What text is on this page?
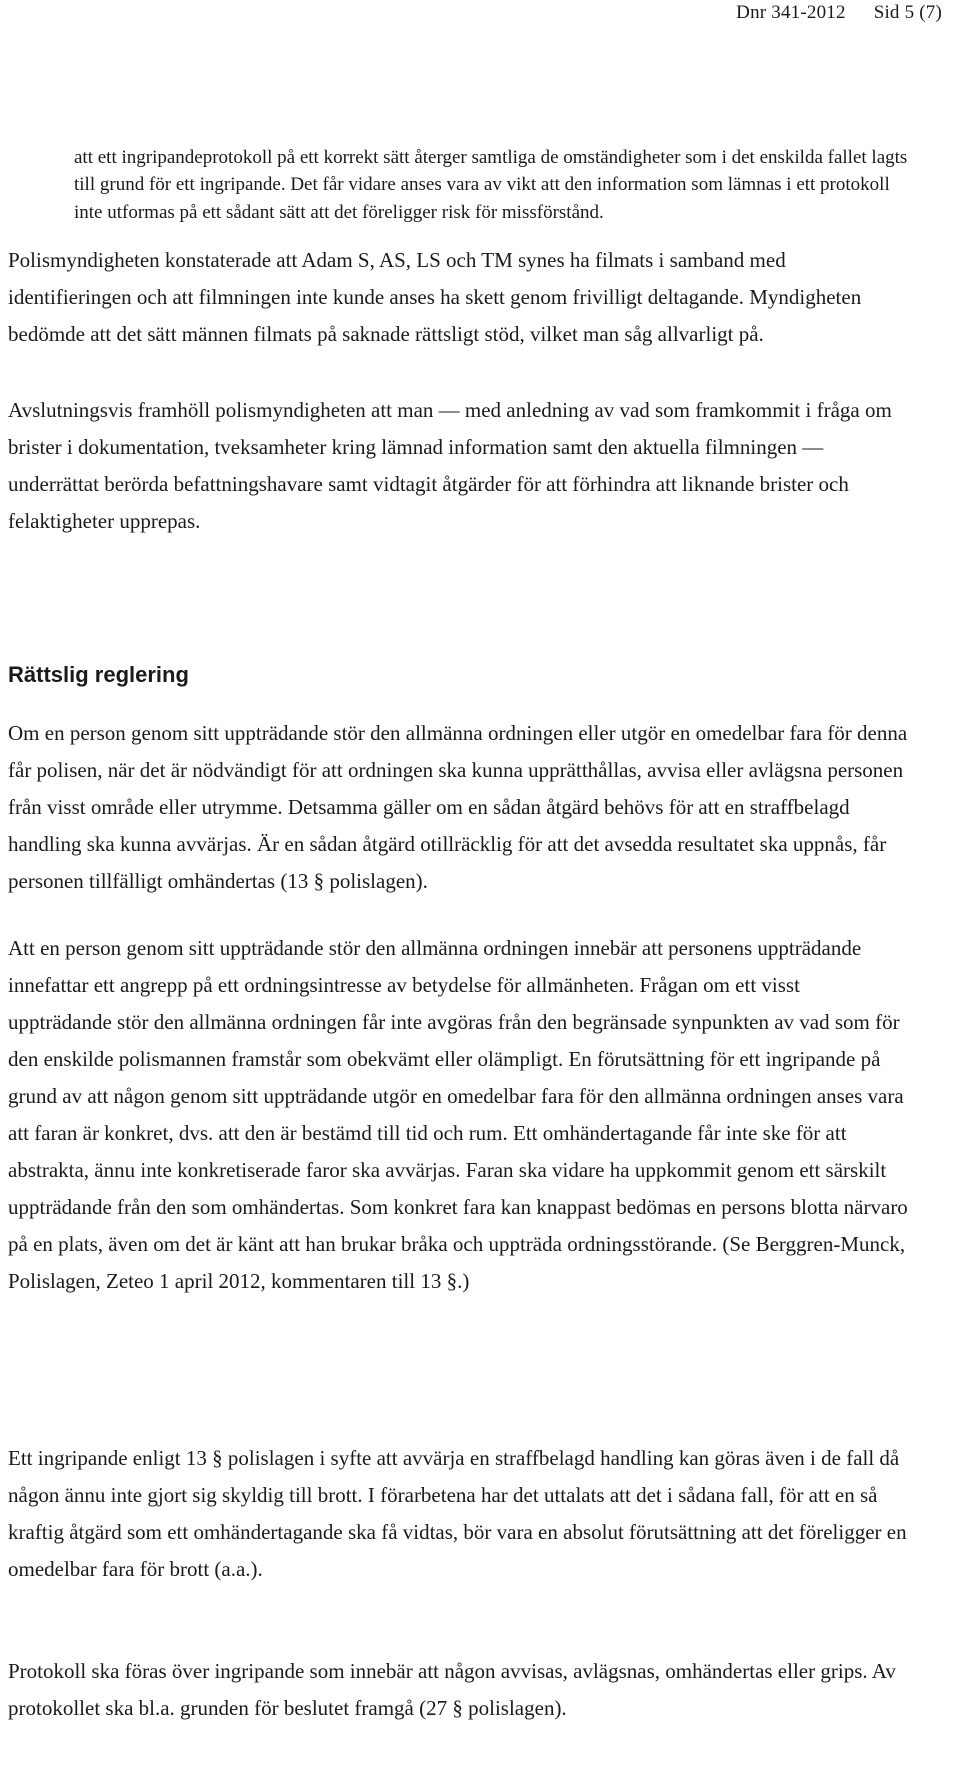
Dnr 341-2012 Sid 5 (7)

att ett ingripandeprotokoll på ett korrekt sätt återger samtliga de omständigheter som i det enskilda fallet lagts till grund för ett ingripande. Det får vidare anses vara av vikt att den information som lämnas i ett protokoll inte utformas på ett sådant sätt att det föreligger risk för missförstånd.

Polismyndigheten konstaterade att Adam S, AS, LS och TM synes ha filmats i samband med identifieringen och att filmningen inte kunde anses ha skett genom frivilligt deltagande. Myndigheten bedömde att det sätt männen filmats på saknade rättsligt stöd, vilket man såg allvarligt på.

Avslutningsvis framhöll polismyndigheten att man — med anledning av vad som framkommit i fråga om brister i dokumentation, tveksamheter kring lämnad information samt den aktuella filmningen — underrättat berörda befattningshavare samt vidtagit åtgärder för att förhindra att liknande brister och felaktigheter upprepas.

Rättslig reglering

Om en person genom sitt uppträdande stör den allmänna ordningen eller utgör en omedelbar fara för denna får polisen, när det är nödvändigt för att ordningen ska kunna upprätthållas, avvisa eller avlägsna personen från visst område eller utrymme. Detsamma gäller om en sådan åtgärd behövs för att en straffbelagd handling ska kunna avvärjas. Är en sådan åtgärd otillräcklig för att det avsedda resultatet ska uppnås, får personen tillfälligt omhändertas (13 § polislagen).

Att en person genom sitt uppträdande stör den allmänna ordningen innebär att personens uppträdande innefattar ett angrepp på ett ordningsintresse av betydelse för allmänheten. Frågan om ett visst uppträdande stör den allmänna ordningen får inte avgöras från den begränsade synpunkten av vad som för den enskilde polismannen framstår som obekvämt eller olämpligt. En förutsättning för ett ingripande på grund av att någon genom sitt uppträdande utgör en omedelbar fara för den allmänna ordningen anses vara att faran är konkret, dvs. att den är bestämd till tid och rum. Ett omhändertagande får inte ske för att abstrakta, ännu inte konkretiserade faror ska avvärjas. Faran ska vidare ha uppkommit genom ett särskilt uppträdande från den som omhändertas. Som konkret fara kan knappast bedömas en persons blotta närvaro på en plats, även om det är känt att han brukar bråka och uppträda ordningsstörande. (Se Berggren-Munck, Polislagen, Zeteo 1 april 2012, kommentaren till 13 §.)

Ett ingripande enligt 13 § polislagen i syfte att avvärja en straffbelagd handling kan göras även i de fall då någon ännu inte gjort sig skyldig till brott. I förarbetena har det uttalats att det i sådana fall, för att en så kraftig åtgärd som ett omhändertagande ska få vidtas, bör vara en absolut förutsättning att det föreligger en omedelbar fara för brott (a.a.).

Protokoll ska föras över ingripande som innebär att någon avvisas, avlägsnas, omhändertas eller grips. Av protokollet ska bl.a. grunden för beslutet framgå (27 § polislagen).
